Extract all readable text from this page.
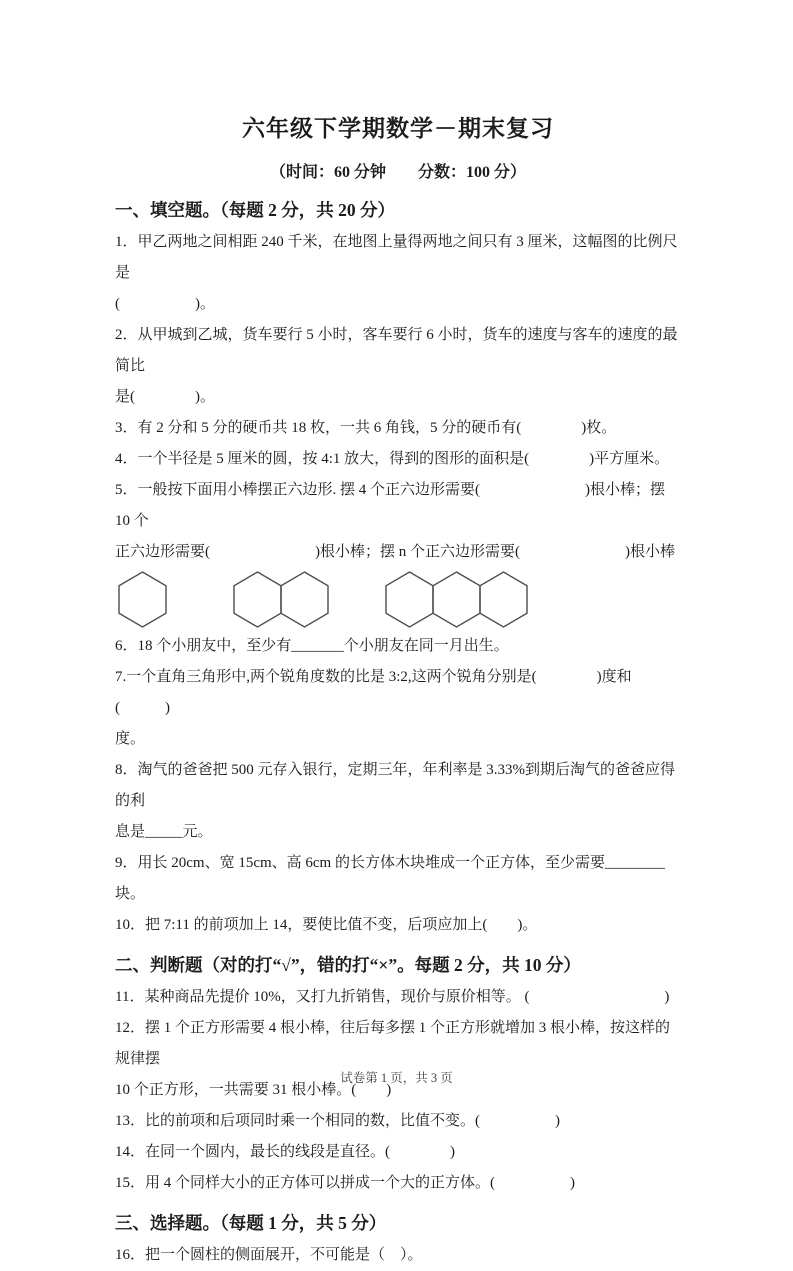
六年级下学期数学－期末复习
（时间：60 分钟　　分数：100 分）
一、填空题。（每题 2 分，共 20 分）
1．甲乙两地之间相距 240 千米，在地图上量得两地之间只有 3 厘米，这幅图的比例尺是
(　　　　　)。
2．从甲城到乙城，货车要行 5 小时，客车要行 6 小时，货车的速度与客车的速度的最简比
是(　　　　)。
3．有 2 分和 5 分的硬币共 18 枚，一共 6 角钱，5 分的硬币有(　　　　)枚。
4．一个半径是 5 厘米的圆，按 4:1 放大，得到的图形的面积是(　　　　)平方厘米。
5．一般按下面用小棒摆正六边形. 摆 4 个正六边形需要(　　　　　　　)根小棒；摆 10 个
正六边形需要(　　　　　　　)根小棒；摆 n 个正六边形需要(　　　　　　　)根小棒
6．18 个小朋友中，至少有_______个小朋友在同一月出生。
7.一个直角三角形中,两个锐角度数的比是 3:2,这两个锐角分别是(　　　　)度和(　　　)
度。
8．淘气的爸爸把 500 元存入银行，定期三年，年利率是 3.33%到期后淘气的爸爸应得的利
息是_____元。
9．用长 20cm、宽 15cm、高 6cm 的长方体木块堆成一个正方体，至少需要________块。
10．把 7:11 的前项加上 14，要使比值不变，后项应加上(　　)。
二、判断题（对的打“√”，错的打“×”。每题 2 分，共 10 分）
11．某种商品先提价 10%，又打九折销售，现价与原价相等。 (　　　　　　　　　)
12．摆 1 个正方形需要 4 根小棒，往后每多摆 1 个正方形就增加 3 根小棒，按这样的规律摆
10 个正方形，一共需要 31 根小棒。(　　)
13．比的前项和后项同时乘一个相同的数，比值不变。(　　　　　)
14．在同一个圆内，最长的线段是直径。(　　　　)
15．用 4 个同样大小的正方体可以拼成一个大的正方体。(　　　　　)
三、选择题。（每题 1 分，共 5 分）
16．把一个圆柱的侧面展开，不可能是（　）。
试卷第 1 页，共 3 页
